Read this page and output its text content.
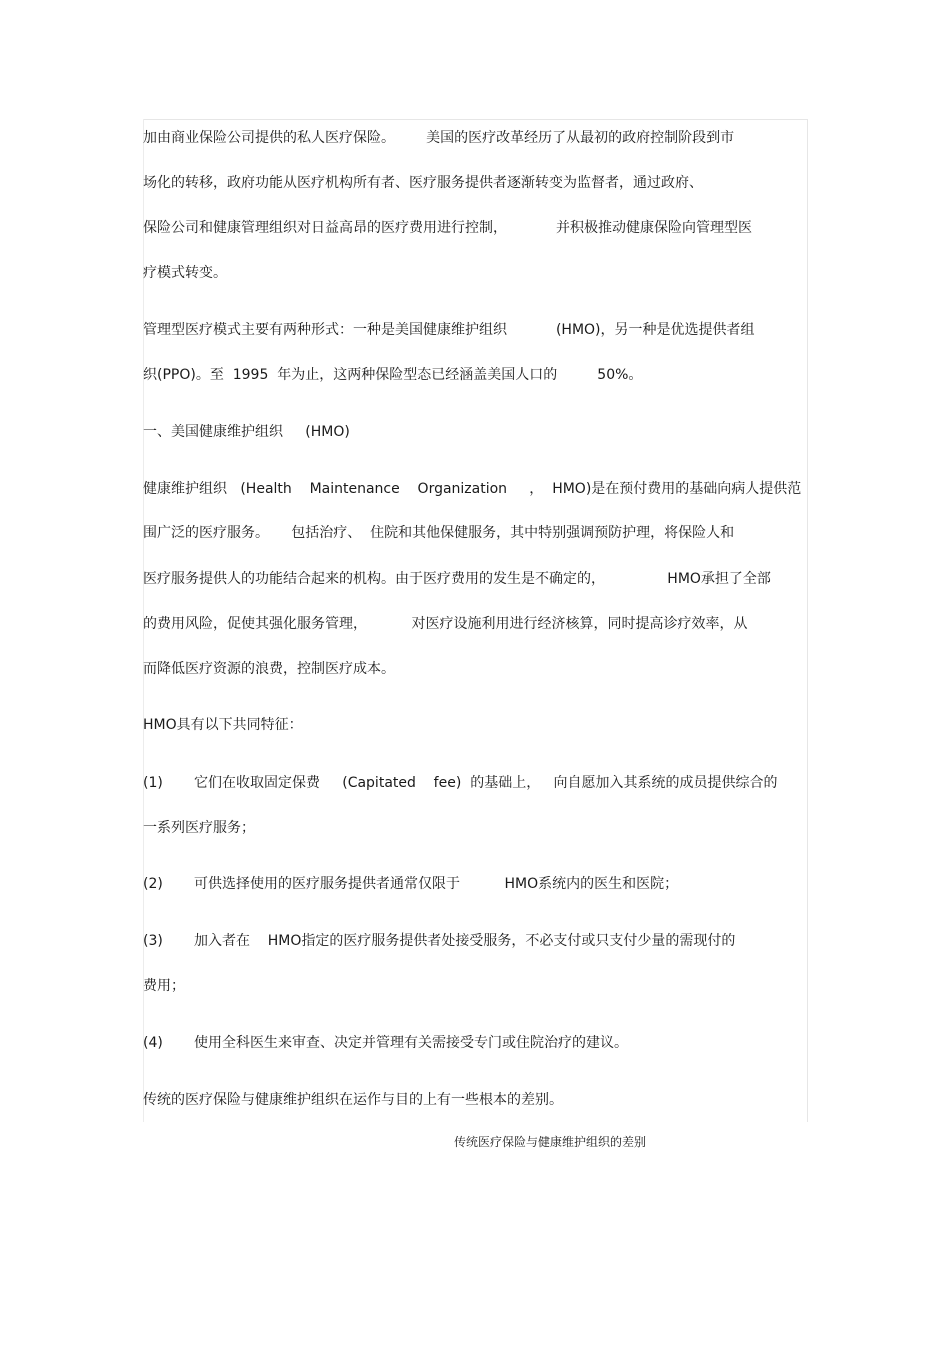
加由商业保险公司提供的私人医疗保险。       美国的医疗改革经历了从最初的政府控制阶段到市

场化的转移，政府功能从医疗机构所有者、医疗服务提供者逐渐转变为监督者，通过政府、

保险公司和健康管理组织对日益高昂的医疗费用进行控制，           并积极推动健康保险向管理型医

疗模式转变。

管理型医疗模式主要有两种形式：一种是美国健康维护组织           (HMO)，另一种是优选提供者组

织(PPO)。至  1995  年为止，这两种保险型态已经涵盖美国人口的         50%。

一、美国健康维护组织     (HMO)

健康维护组织   (Health    Maintenance    Organization     ，  HMO)是在预付费用的基础向病人提供范

围广泛的医疗服务。     包括治疗、  住院和其他保健服务，其中特别强调预防护理，将保险人和

医疗服务提供人的功能结合起来的机构。由于医疗费用的发生是不确定的，              HMO承担了全部

的费用风险，促使其强化服务管理，          对医疗设施利用进行经济核算，同时提高诊疗效率，从

而降低医疗资源的浪费，控制医疗成本。

HMO具有以下共同特征：

(1)       它们在收取固定保费     (Capitated    fee)  的基础上，   向自愿加入其系统的成员提供综合的

一系列医疗服务；

(2)       可供选择使用的医疗服务提供者通常仅限于          HMO系统内的医生和医院；

(3)       加入者在    HMO指定的医疗服务提供者处接受服务，不必支付或只支付少量的需现付的

费用；

(4)       使用全科医生来审查、决定并管理有关需接受专门或住院治疗的建议。

传统的医疗保险与健康维护组织在运作与目的上有一些根本的差别。

传统医疗保险与健康维护组织的差别
